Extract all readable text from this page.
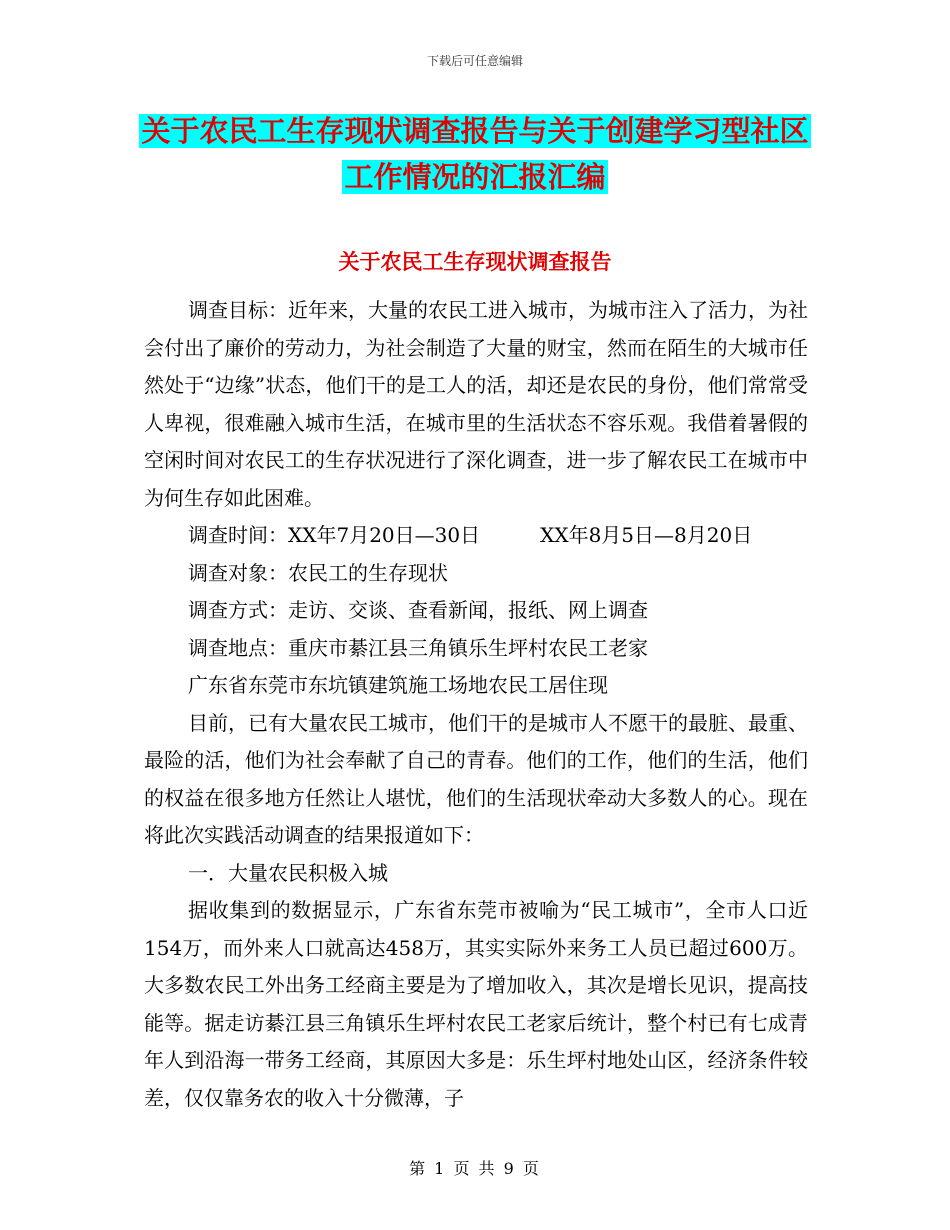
下载后可任意编辑
关于农民工生存现状调查报告与关于创建学习型社区
工作情况的汇报汇编
关于农民工生存现状调查报告

调查目标：近年来，大量的农民工进入城市，为城市注入了活力，为社会付出了廉价的劳动力，为社会制造了大量的财宝，然而在陌生的大城市任然处于“边缘”状态，他们干的是工人的活，却还是农民的身份，他们常常受人卑视，很难融入城市生活，在城市里的生活状态不容乐观。我借着暑假的空闲时间对农民工的生存状况进行了深化调查，进一步了解农民工在城市中为何生存如此困难。

调查时间：XX年7月20日—30日	XX年8月5日—8月20日

调查对象：农民工的生存现状

调查方式：走访、交谈、查看新闻，报纸、网上调查

调查地点：重庆市綦江县三角镇乐生坪村农民工老家

广东省东莞市东坑镇建筑施工场地农民工居住现

目前，已有大量农民工城市，他们干的是城市人不愿干的最脏、最重、最险的活，他们为社会奉献了自己的青春。他们的工作，他们的生活，他们的权益在很多地方任然让人堪忧，他们的生活现状牵动大多数人的心。现在将此次实践活动调查的结果报道如下：

一．大量农民积极入城

据收集到的数据显示，广东省东莞市被喻为“民工城市”，全市人口近154万，而外来人口就高达458万，其实实际外来务工人员已超过600万。大多数农民工外出务工经商主要是为了增加收入，其次是增长见识，提高技能等。据走访綦江县三角镇乐生坪村农民工老家后统计，整个村已有七成青年人到沿海一带务工经商，其原因大多是：乐生坪村地处山区，经济条件较差，仅仅靠务农的收入十分微薄，子

第 1 页 共 9 页
